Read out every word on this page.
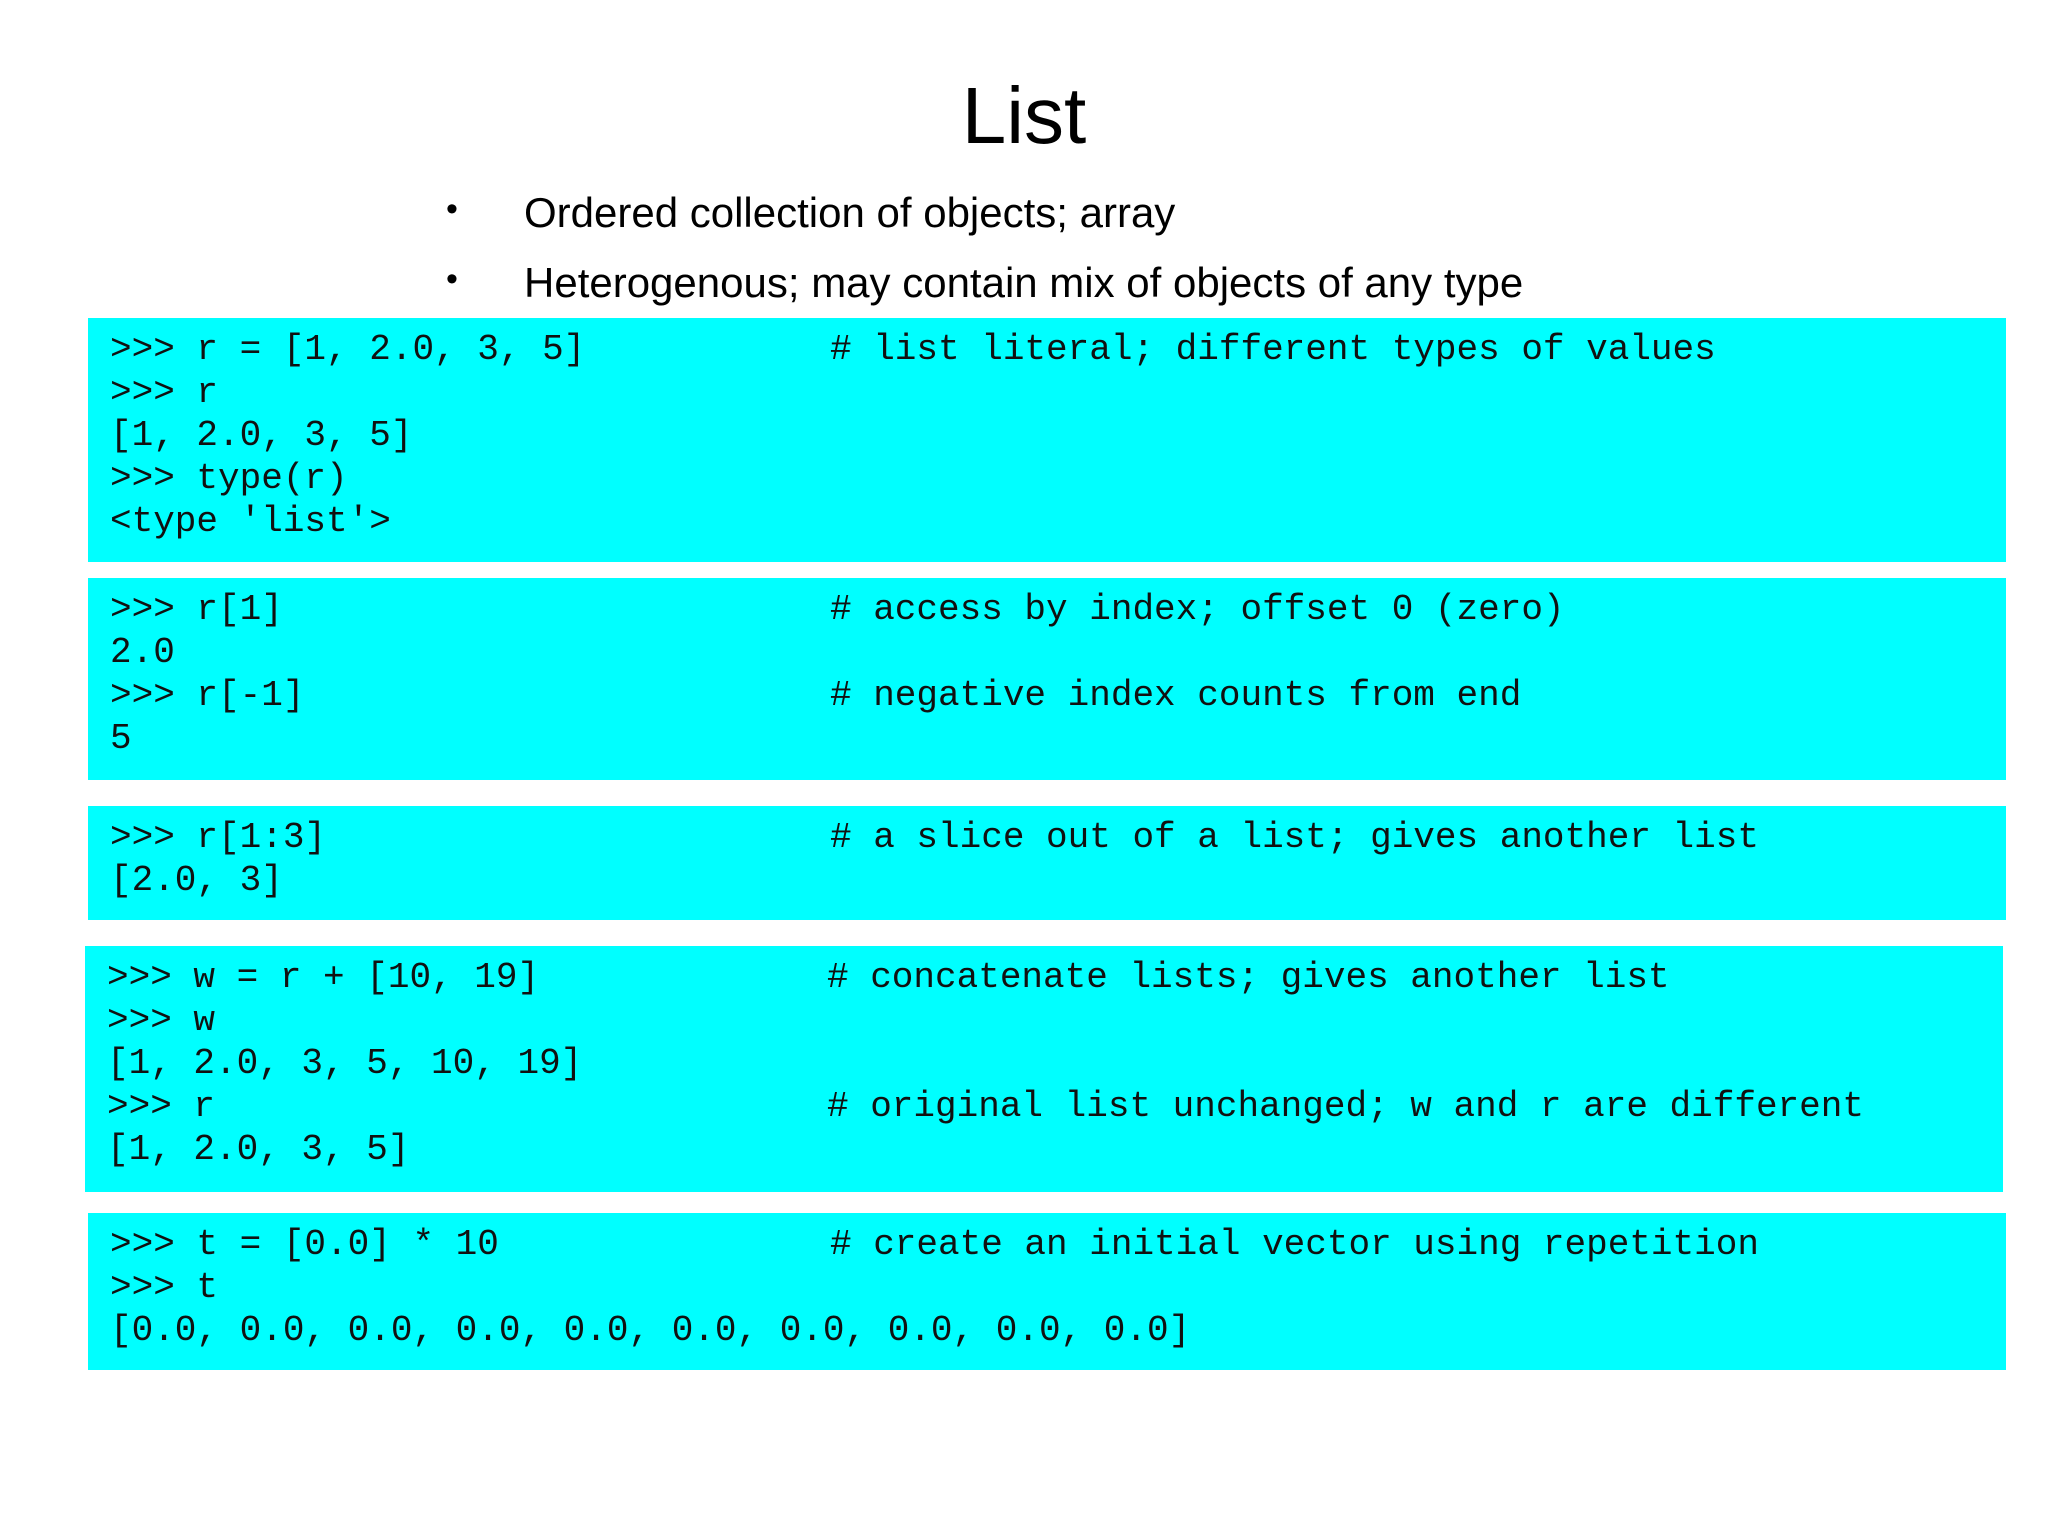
List
• Ordered collection of objects; array
• Heterogenous; may contain mix of objects of any type

>>> r = [1, 2.0, 3, 5]

	# list literal; different types of values

>>> r

[1, 2.0, 3, 5]

>>> type(r)

<type 'list'>

>>> r[1]

	# access by index; offset 0 (zero)

2.0

>>> r[-1]

	# negative index counts from end

5

>>> r[1:3]

	# a slice out of a list; gives another list

[2.0, 3]

>>> w = r + [10, 19]

	# concatenate lists; gives another list

>>> w

[1, 2.0, 3, 5, 10, 19]

>>> r

	# original list unchanged; w and r are different

[1, 2.0, 3, 5]

>>> t = [0.0] * 10

	# create an initial vector using repetition

>>> t

[0.0, 0.0, 0.0, 0.0, 0.0, 0.0, 0.0, 0.0, 0.0, 0.0]
